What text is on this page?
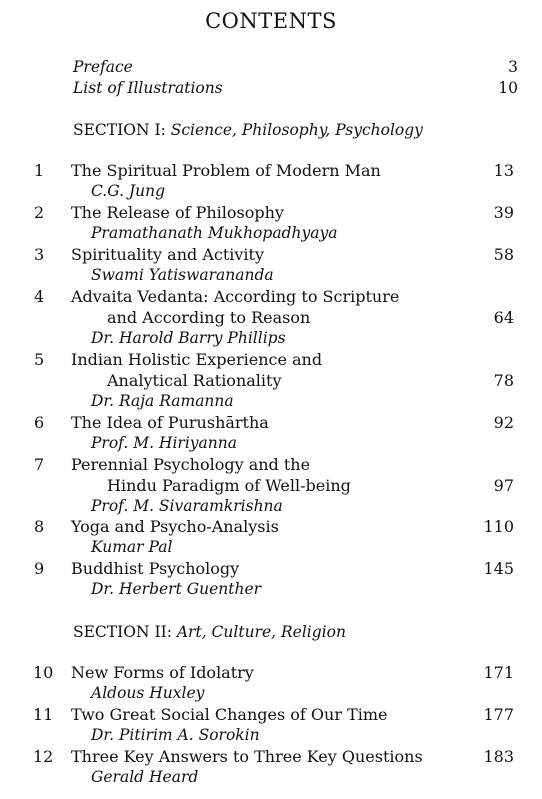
CONTENTS
Preface	3
List of Illustrations	10
SECTION I: Science, Philosophy, Psychology
1	The Spiritual Problem of Modern Man	13
C.G. Jung
2	The Release of Philosophy	39
Pramathanath Mukhopadhyaya
3	Spirituality and Activity	58
Swami Yatiswarananda
4	Advaita Vedanta: According to Scripture
and According to Reason	64
Dr. Harold Barry Phillips
5	Indian Holistic Experience and
Analytical Rationality	78
Dr. Raja Ramanna
6	The Idea of Purushārtha	92
Prof. M. Hiriyanna
7	Perennial Psychology and the
Hindu Paradigm of Well-being	97
Prof. M. Sivaramkrishna
8	Yoga and Psycho-Analysis	110
Kumar Pal
9	Buddhist Psychology	145
Dr. Herbert Guenther
SECTION II: Art, Culture, Religion
10	New Forms of Idolatry	171
Aldous Huxley
11	Two Great Social Changes of Our Time	177
Dr. Pitirim A. Sorokin
12	Three Key Answers to Three Key Questions	183
Gerald Heard
